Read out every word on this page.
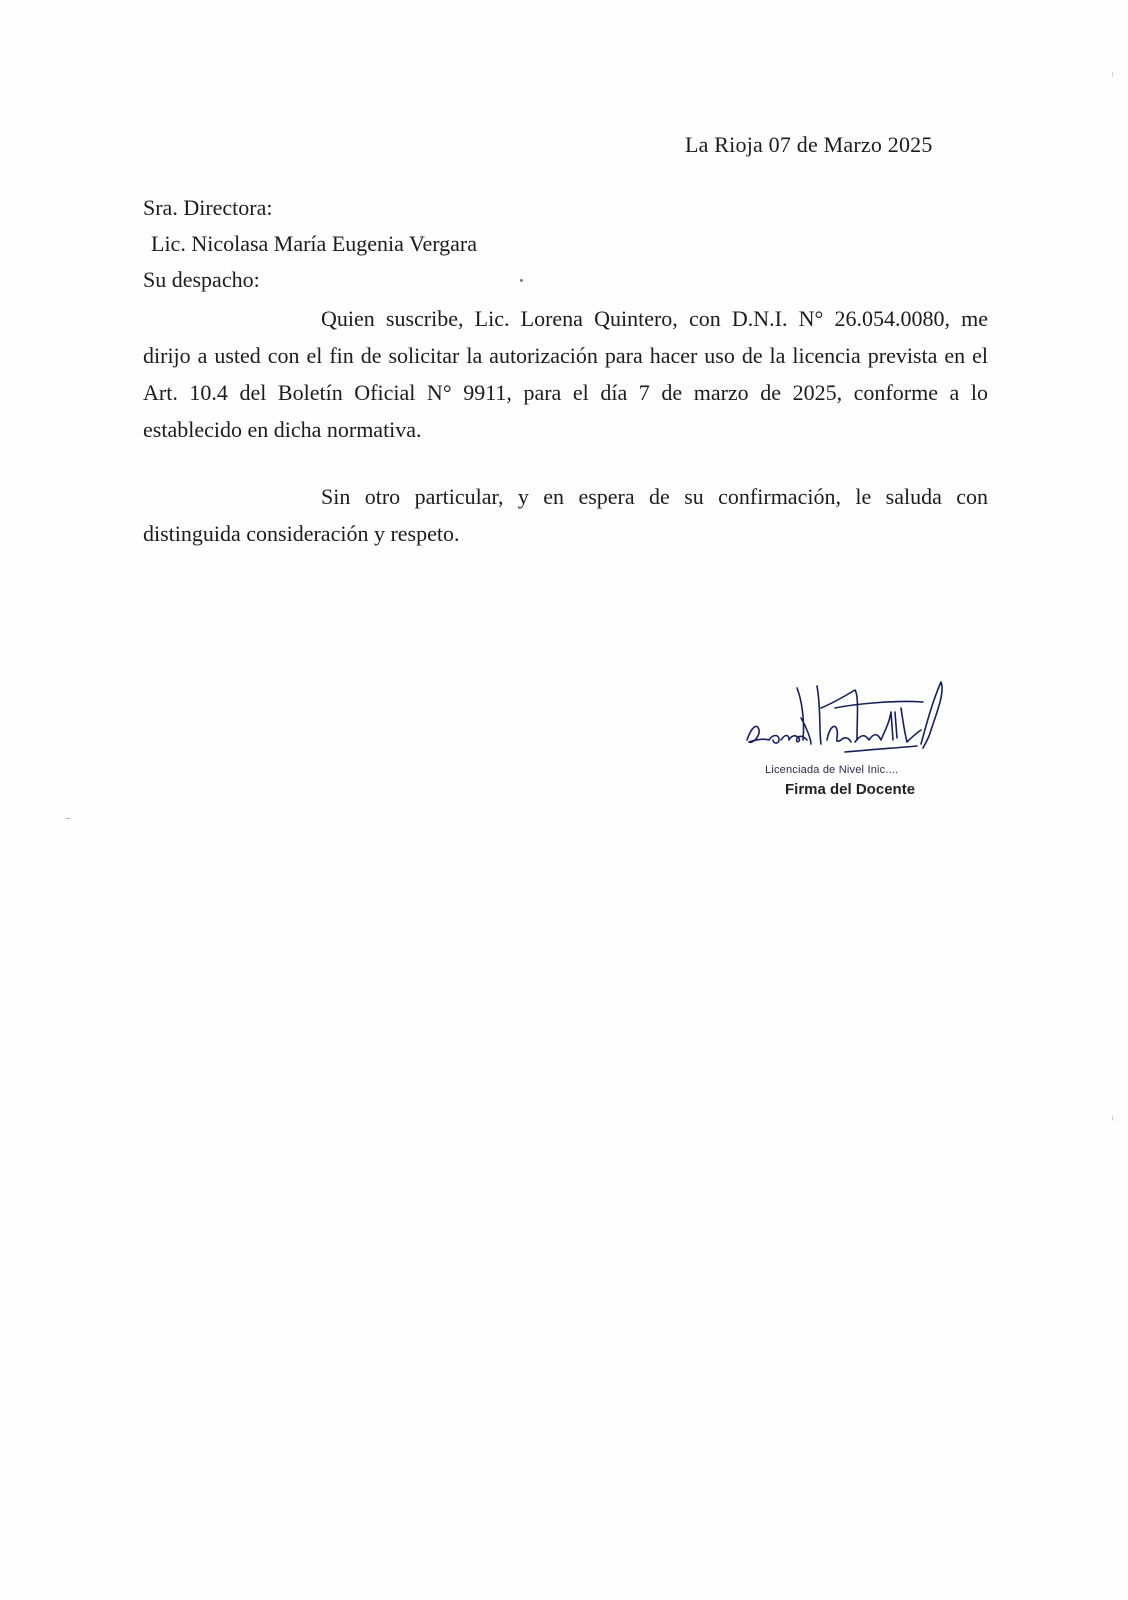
La Rioja 07 de Marzo 2025
Sra. Directora:
Lic. Nicolasa María Eugenia Vergara
Su despacho:

Quien suscribe, Lic. Lorena Quintero, con D.N.I. N° 26.054.0080, me dirijo a usted con el fin de solicitar la autorización para hacer uso de la licencia prevista en el Art. 10.4 del Boletín Oficial N° 9911, para el día 7 de marzo de 2025, conforme a lo establecido en dicha normativa.

Sin otro particular, y en espera de su confirmación, le saluda con distinguida consideración y respeto.

Licenciada de Nivel Inic....
Firma del Docente
